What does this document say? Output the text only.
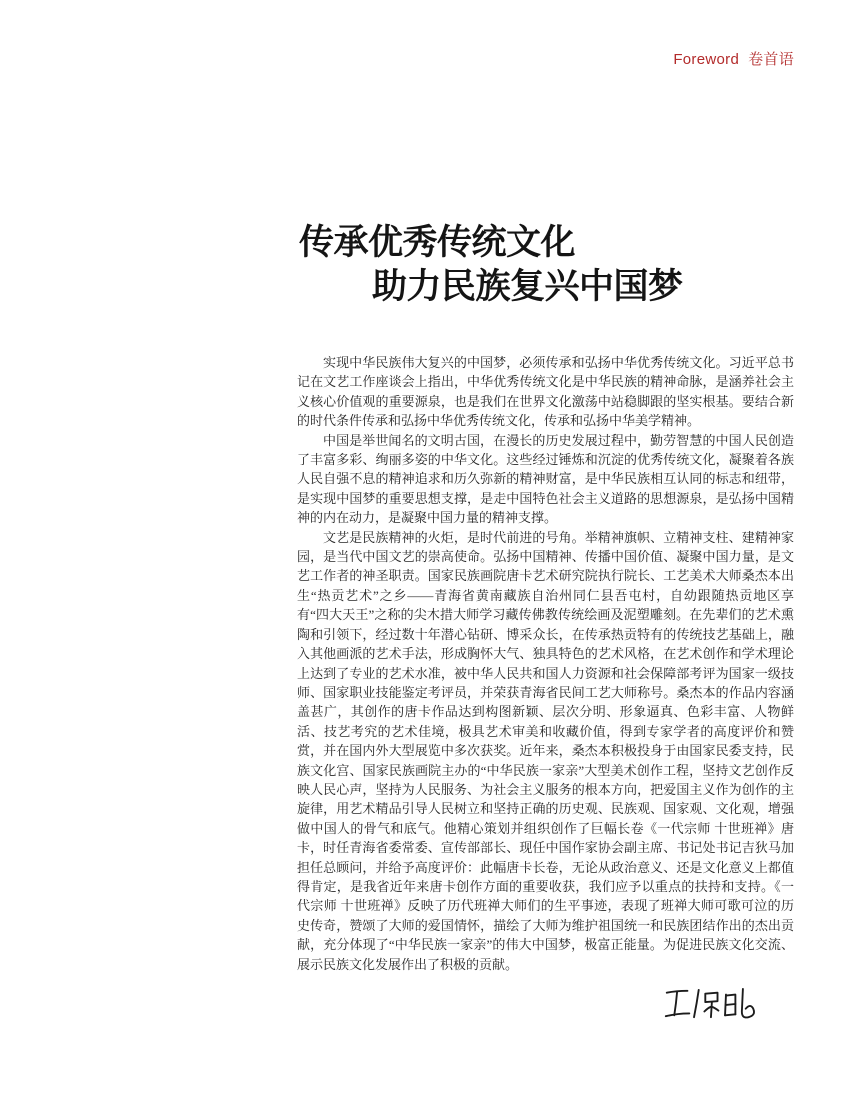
Foreword 卷首语
传承优秀传统文化
助力民族复兴中国梦

实现中华民族伟大复兴的中国梦，必须传承和弘扬中华优秀传统文化。习近平总书记在文艺工作座谈会上指出，中华优秀传统文化是中华民族的精神命脉，是涵养社会主义核心价值观的重要源泉，也是我们在世界文化激荡中站稳脚跟的坚实根基。要结合新的时代条件传承和弘扬中华优秀传统文化，传承和弘扬中华美学精神。

中国是举世闻名的文明古国，在漫长的历史发展过程中，勤劳智慧的中国人民创造了丰富多彩、绚丽多姿的中华文化。这些经过锤炼和沉淀的优秀传统文化，凝聚着各族人民自强不息的精神追求和历久弥新的精神财富，是中华民族相互认同的标志和纽带，是实现中国梦的重要思想支撑，是走中国特色社会主义道路的思想源泉，是弘扬中国精神的内在动力，是凝聚中国力量的精神支撑。

文艺是民族精神的火炬，是时代前进的号角。举精神旗帜、立精神支柱、建精神家园，是当代中国文艺的崇高使命。弘扬中国精神、传播中国价值、凝聚中国力量，是文艺工作者的神圣职责。国家民族画院唐卡艺术研究院执行院长、工艺美术大师桑杰本出生“热贡艺术”之乡——青海省黄南藏族自治州同仁县吾屯村，自幼跟随热贡地区享有“四大天王”之称的尖木措大师学习藏传佛教传统绘画及泥塑雕刻。在先辈们的艺术熏陶和引领下，经过数十年潜心钻研、博采众长，在传承热贡特有的传统技艺基础上，融入其他画派的艺术手法，形成胸怀大气、独具特色的艺术风格，在艺术创作和学术理论上达到了专业的艺术水准，被中华人民共和国人力资源和社会保障部考评为国家一级技师、国家职业技能鉴定考评员，并荣获青海省民间工艺大师称号。桑杰本的作品内容涵盖甚广，其创作的唐卡作品达到构图新颖、层次分明、形象逼真、色彩丰富、人物鲜活、技艺考究的艺术佳境，极具艺术审美和收藏价值，得到专家学者的高度评价和赞赏，并在国内外大型展览中多次获奖。近年来，桑杰本积极投身于由国家民委支持，民族文化宫、国家民族画院主办的“中华民族一家亲”大型美术创作工程，坚持文艺创作反映人民心声，坚持为人民服务、为社会主义服务的根本方向，把爱国主义作为创作的主旋律，用艺术精品引导人民树立和坚持正确的历史观、民族观、国家观、文化观，增强做中国人的骨气和底气。他精心策划并组织创作了巨幅长卷《一代宗师 十世班禅》唐卡，时任青海省委常委、宣传部部长、现任中国作家协会副主席、书记处书记吉狄马加担任总顾问，并给予高度评价：此幅唐卡长卷，无论从政治意义、还是文化意义上都值得肯定，是我省近年来唐卡创作方面的重要收获，我们应予以重点的扶持和支持。《一代宗师 十世班禅》反映了历代班禅大师们的生平事迹，表现了班禅大师可歌可泣的历史传奇，赞颂了大师的爱国情怀，描绘了大师为维护祖国统一和民族团结作出的杰出贡献，充分体现了“中华民族一家亲”的伟大中国梦，极富正能量。为促进民族文化交流、展示民族文化发展作出了积极的贡献。
